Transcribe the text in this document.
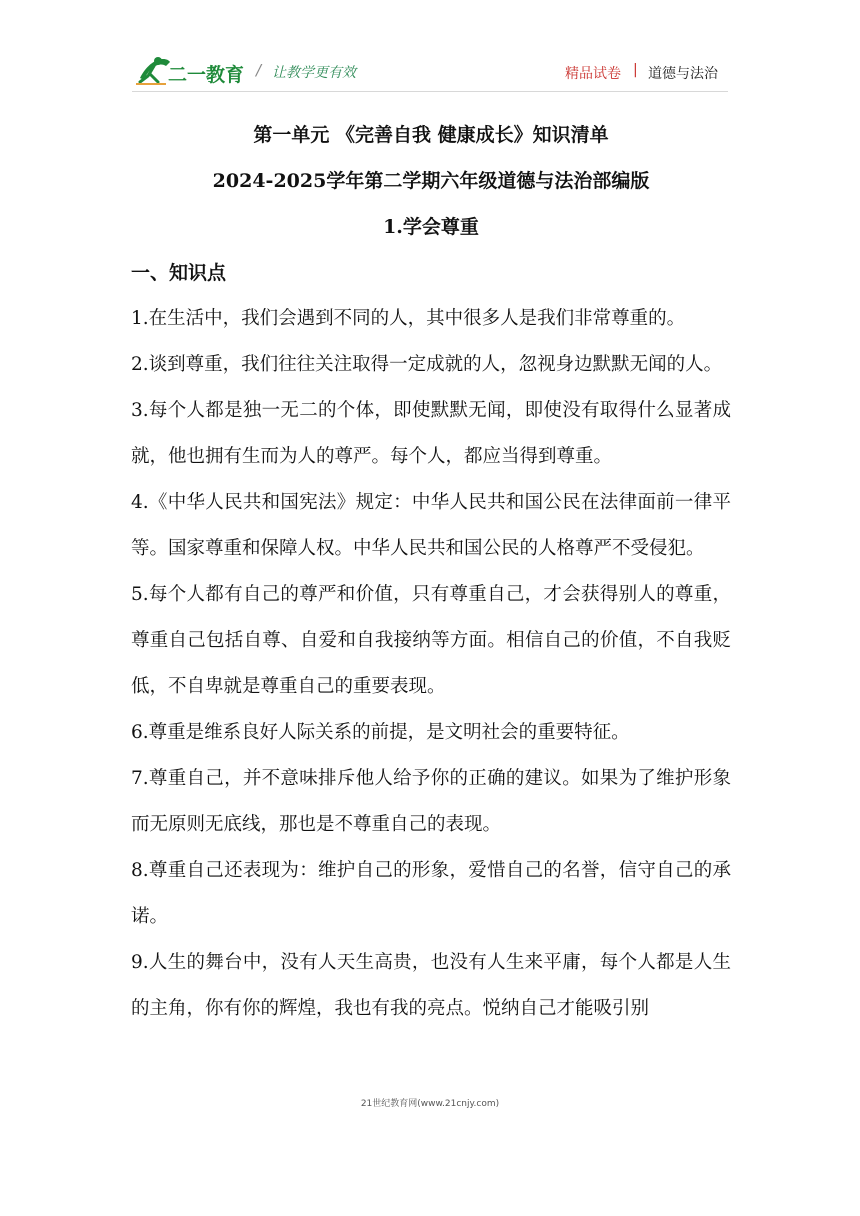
二一教育 / 让教学更有效	精品试卷 | 道德与法治

第一单元 《完善自我 健康成长》知识清单

2024-2025学年第二学期六年级道德与法治部编版

1.学会尊重

一、知识点

1.在生活中，我们会遇到不同的人，其中很多人是我们非常尊重的。

2.谈到尊重，我们往往关注取得一定成就的人，忽视身边默默无闻的人。

3.每个人都是独一无二的个体，即使默默无闻，即使没有取得什么显著成就，他也拥有生而为人的尊严。每个人，都应当得到尊重。

4.《中华人民共和国宪法》规定：中华人民共和国公民在法律面前一律平等。国家尊重和保障人权。中华人民共和国公民的人格尊严不受侵犯。

5.每个人都有自己的尊严和价值，只有尊重自己，才会获得别人的尊重，尊重自己包括自尊、自爱和自我接纳等方面。相信自己的价值，不自我贬低，不自卑就是尊重自己的重要表现。

6.尊重是维系良好人际关系的前提，是文明社会的重要特征。

7.尊重自己，并不意味排斥他人给予你的正确的建议。如果为了维护形象而无原则无底线，那也是不尊重自己的表现。

8.尊重自己还表现为：维护自己的形象，爱惜自己的名誉，信守自己的承诺。

9.人生的舞台中，没有人天生高贵，也没有人生来平庸，每个人都是人生的主角，你有你的辉煌，我也有我的亮点。悦纳自己才能吸引别

21世纪教育网(www.21cnjy.com)
